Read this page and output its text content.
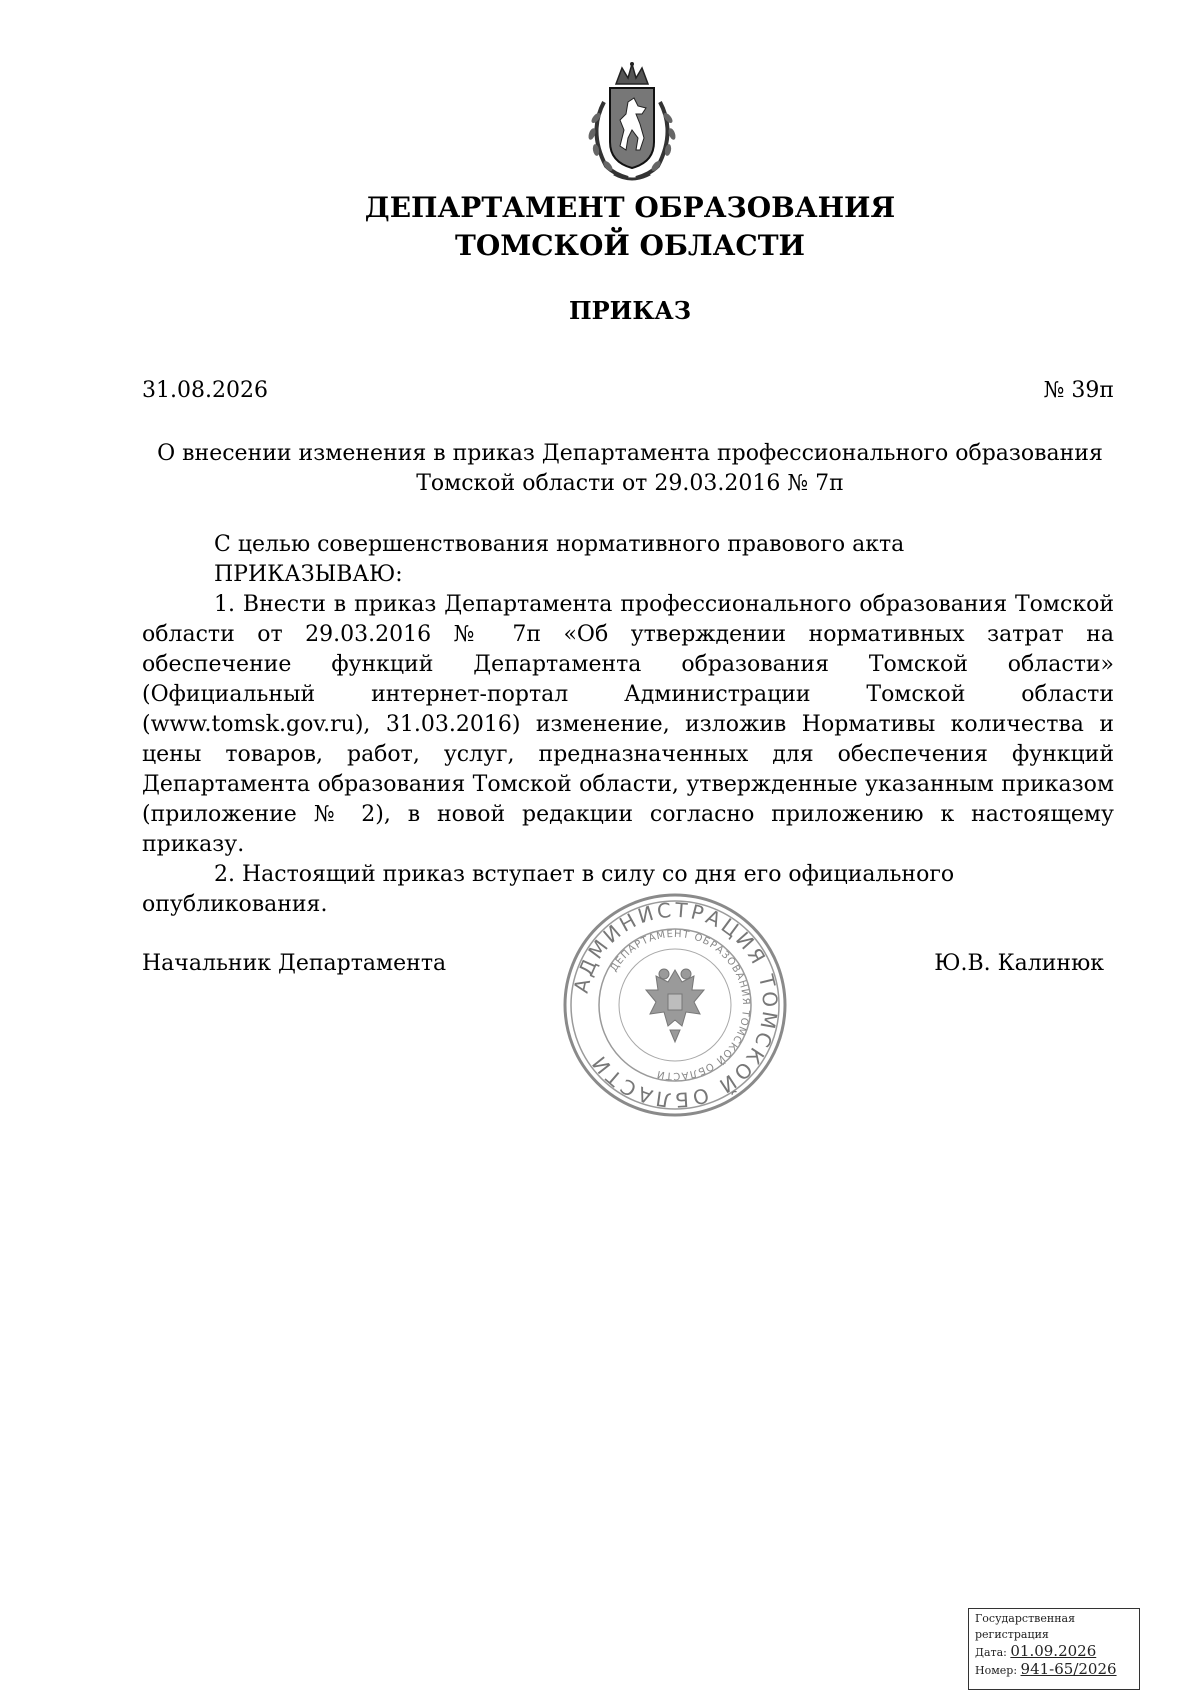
ДЕПАРТАМЕНТ ОБРАЗОВАНИЯ
ТОМСКОЙ ОБЛАСТИ
ПРИКАЗ
31.08.2026	№ 39п
О внесении изменения в приказ Департамента профессионального образования
Томской области от 29.03.2016 № 7п

С целью совершенствования нормативного правового акта

ПРИКАЗЫВАЮ:

1. Внести в приказ Департамента профессионального образования Томской области от 29.03.2016 № 7п «Об утверждении нормативных затрат на обеспечение функций Департамента образования Томской области» (Официальный интернет-портал Администрации Томской области (www.tomsk.gov.ru), 31.03.2016) изменение, изложив Нормативы количества и цены товаров, работ, услуг, предназначенных для обеспечения функций Департамента образования Томской области, утвержденные указанным приказом (приложение № 2), в новой редакции согласно приложению к настоящему приказу.

2. Настоящий приказ вступает в силу со дня его официального опубликования.

Начальник Департамента	Ю.В. Калинюк
АДМИНИСТРАЦИЯ ТОМСКОЙ ОБЛАСТИ
ДЕПАРТАМЕНТ ОБРАЗОВАНИЯ ТОМСКОЙ ОБЛАСТИ
Государственная регистрация
Дата: 01.09.2026
Номер: 941-65/2026
